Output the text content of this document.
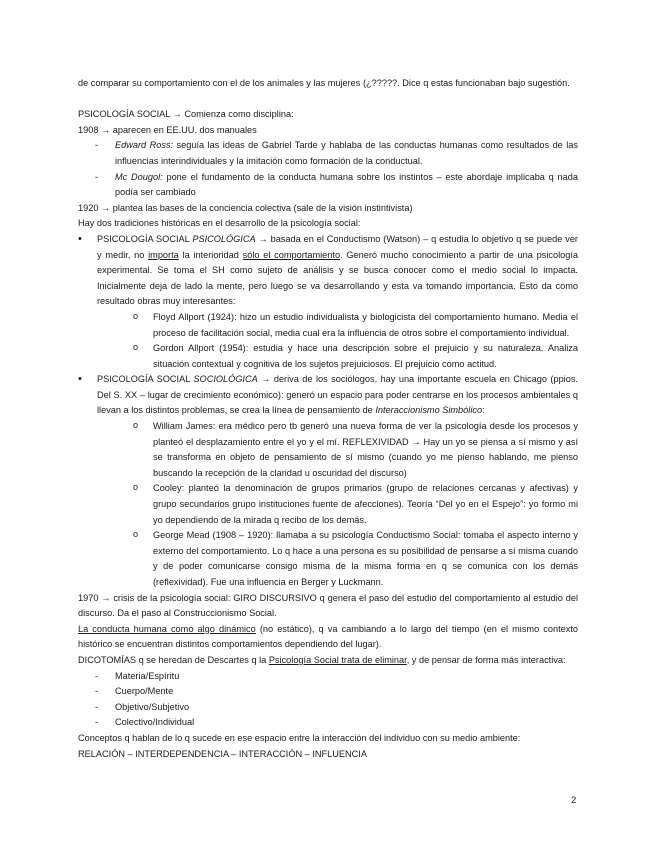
de comparar su comportamiento con el de los animales y las mujeres (¿?????. Dice q estas funcionaban bajo sugestión.

PSICOLOGÍA SOCIAL → Comienza como disciplina:

1908 → aparecen en EE.UU. dos manuales

- Edward Ross: seguía las ideas de Gabriel Tarde y hablaba de las conductas humanas como resultados de las influencias interindividuales y la imitación como formación de la conductual.
- Mc Dougol: pone el fundamento de la conducta humana sobre los instintos – este abordaje implicaba q nada podía ser cambiado

1920 → plantea las bases de la conciencia colectiva (sale de la visión instintivista)

Hay dos tradiciones históricas en el desarrollo de la psicología social:

• PSICOLOGÍA SOCIAL PSICOLÓGICA → basada en el Conductismo (Watson) – q estudia lo objetivo q se puede ver y medir, no importa la interioridad sólo el comportamiento. Generó mucho conocimiento a partir de una psicología experimental. Se toma el SH como sujeto de análisis y se busca conocer como el medio social lo impacta. Inicialmente deja de lado la mente, pero luego se va desarrollando y esta va tomando importancia. Esto da como resultado obras muy interesantes:
o Floyd Allport (1924): hizo un estudio individualista y biologicista del comportamiento humano. Media el proceso de facilitación social, media cual era la influencia de otros sobre el comportamiento individual.
o Gordon Allport (1954): estudia y hace una descripción sobre el prejuicio y su naturaleza. Analiza situación contextual y cognitiva de los sujetos prejuiciosos. El prejuicio como actitud.
• PSICOLOGÍA SOCIAL SOCIOLÓGICA → deriva de los sociólogos, hay una importante escuela en Chicago (ppios. Del S. XX – lugar de crecimiento económico): generó un espacio para poder centrarse en los procesos ambientales q llevan a los distintos problemas, se crea la línea de pensamiento de Interaccionismo Simbólico:
o William James: era médico pero tb generó una nueva forma de ver la psicología desde los procesos y planteó el desplazamiento entre el yo y el mí. REFLEXIVIDAD → Hay un yo se piensa a sí mismo y así se transforma en objeto de pensamiento de sí mismo (cuando yo me pienso hablando, me pienso buscando la recepción de la claridad u oscuridad del discurso)
o Cooley: planteó la denominación de grupos primarios (grupo de relaciones cercanas y afectivas) y grupo secundarios grupo instituciones fuente de afecciones). Teoría “Del yo en el Espejo”: yo formo mi yo dependiendo de la mirada q recibo de los demás.
o George Mead (1908 – 1920): llamaba a su psicología Conductismo Social: tomaba el aspecto interno y externo del comportamiento. Lo q hace a una persona es su posibilidad de pensarse a sí misma cuando y de poder comunicarse consigo misma de la misma forma en q se comunica con los demás (reflexividad). Fue una influencia en Berger y Luckmann.

1970 → crisis de la psicología social: GIRO DISCURSIVO q genera el paso del estudio del comportamiento al estudio del discurso. Da el paso al Construccionismo Social.

La conducta humana como algo dinámico (no estático), q va cambiando a lo largo del tiempo (en el mismo contexto histórico se encuentran distintos comportamientos dependiendo del lugar).

DICOTOMÍAS q se heredan de Descartes q la Psicología Social trata de eliminar, y de pensar de forma más interactiva:

- Materia/Espíritu
- Cuerpo/Mente
- Objetivo/Subjetivo
- Colectivo/Individual

Conceptos q hablan de lo q sucede en ese espacio entre la interacción del individuo con su medio ambiente:

RELACIÓN – INTERDEPENDENCIA – INTERACCIÓN – INFLUENCIA

2
